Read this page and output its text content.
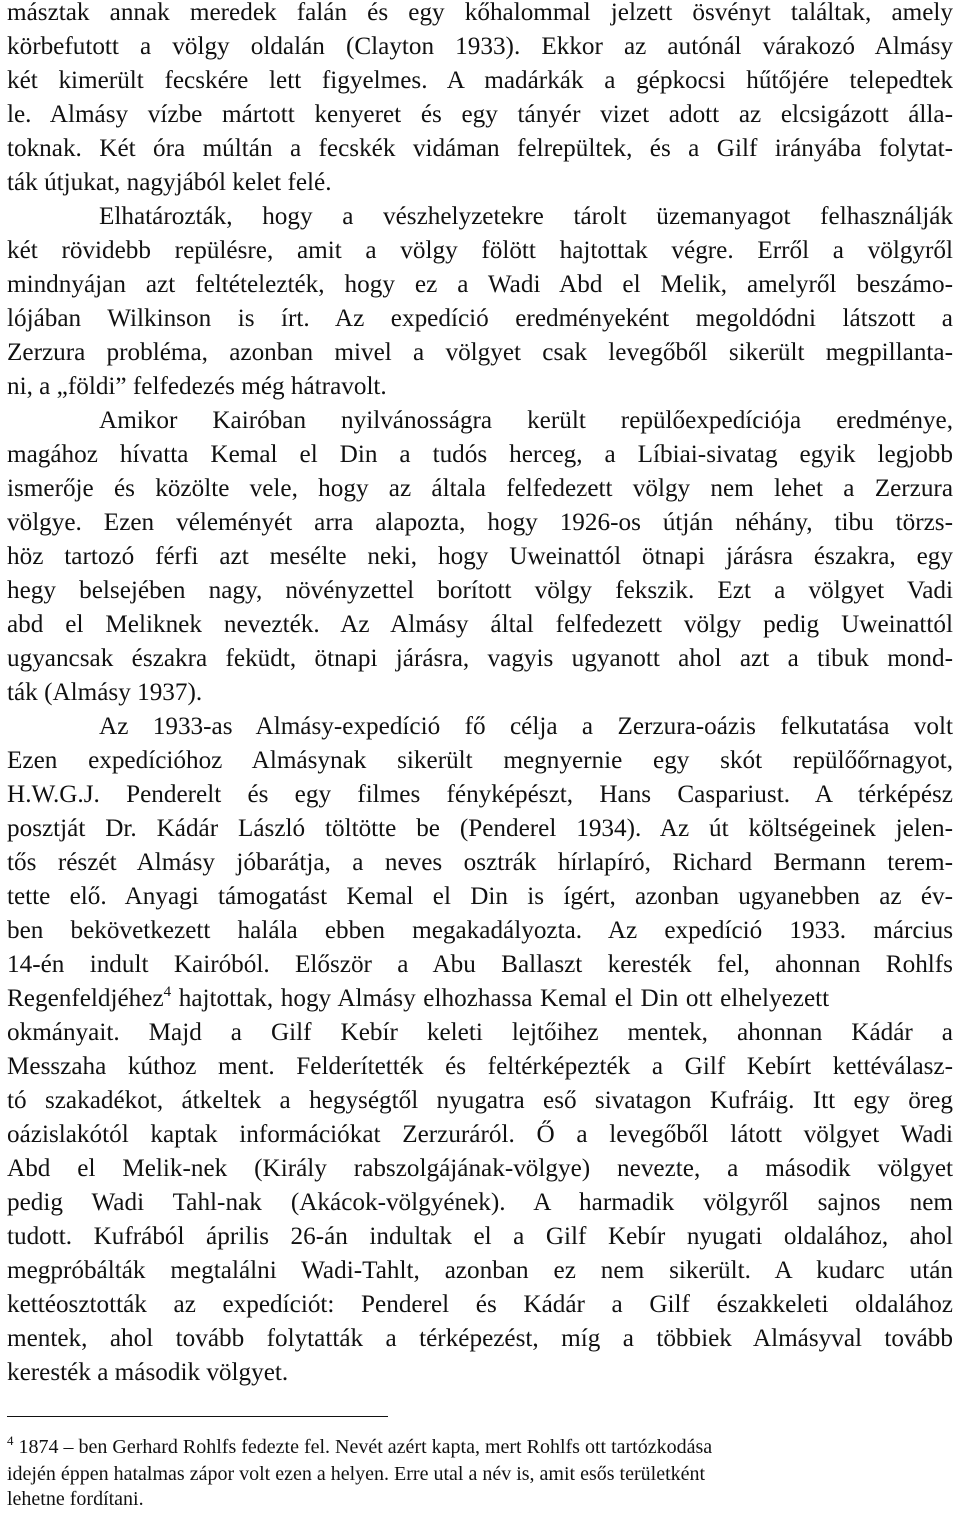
másztak annak meredek falán és egy kőhalommal jelzett ösvényt találtak, amely
körbefutott a völgy oldalán (Clayton 1933). Ekkor az autónál várakozó Almásy
két kimerült fecskére lett figyelmes. A madárkák a gépkocsi hűtőjére telepedtek
le. Almásy vízbe mártott kenyeret és egy tányér vizet adott az elcsigázott álla-
toknak. Két óra múltán a fecskék vidáman felrepültek, és a Gilf irányába folytat-
ták útjukat, nagyjából kelet felé.
Elhatározták, hogy a vészhelyzetekre tárolt üzemanyagot felhasználják
két rövidebb repülésre, amit a völgy fölött hajtottak végre. Erről a völgyről
mindnyájan azt feltételezték, hogy ez a Wadi Abd el Melik, amelyről beszámo-
lójában Wilkinson is írt. Az expedíció eredményeként megoldódni látszott a
Zerzura probléma, azonban mivel a völgyet csak levegőből sikerült megpillanta-
ni, a „földi” felfedezés még hátravolt.
Amikor Kairóban nyilvánosságra került repülőexpedíciója eredménye,
magához hívatta Kemal el Din a tudós herceg, a Líbiai-sivatag egyik legjobb
ismerője és közölte vele, hogy az általa felfedezett völgy nem lehet a Zerzura
völgye. Ezen véleményét arra alapozta, hogy 1926-os útján néhány, tibu törzs-
höz tartozó férfi azt mesélte neki, hogy Uweinattól ötnapi járásra északra, egy
hegy belsejében nagy, növényzettel borított völgy fekszik. Ezt a völgyet Vadi
abd el Meliknek nevezték. Az Almásy által felfedezett völgy pedig Uweinattól
ugyancsak északra feküdt, ötnapi járásra, vagyis ugyanott ahol azt a tibuk mond-
ták (Almásy 1937).
Az 1933-as Almásy-expedíció fő célja a Zerzura-oázis felkutatása volt
Ezen expedícióhoz Almásynak sikerült megnyernie egy skót repülőőrnagyot,
H.W.G.J. Penderelt és egy filmes fényképészt, Hans Caspariust. A térképész
posztját Dr. Kádár László töltötte be (Penderel 1934). Az út költségeinek jelen-
tős részét Almásy jóbarátja, a neves osztrák hírlapíró, Richard Bermann terem-
tette elő. Anyagi támogatást Kemal el Din is ígért, azonban ugyanebben az év-
ben bekövetkezett halála ebben megakadályozta. Az expedíció 1933. március
14-én indult Kairóból. Először a Abu Ballaszt keresték fel, ahonnan Rohlfs
Regenfeldjéhez$^4$ hajtottak, hogy Almásy elhozhassa Kemal el Din ott elhelyezett
okmányait. Majd a Gilf Kebír keleti lejtőihez mentek, ahonnan Kádár a
Messzaha kúthoz ment. Felderítették és feltérképezték a Gilf Kebírt kettéválasz-
tó szakadékot, átkeltek a hegységtől nyugatra eső sivatagon Kufráig. Itt egy öreg
oázislakótól kaptak információkat Zerzuráról. Ő a levegőből látott völgyet Wadi
Abd el Melik-nek (Király rabszolgájának-völgye) nevezte, a második völgyet
pedig Wadi Tahl-nak (Akácok-völgyének). A harmadik völgyről sajnos nem
tudott. Kufrából április 26-án indultak el a Gilf Kebír nyugati oldalához, ahol
megpróbálták megtalálni Wadi-Tahlt, azonban ez nem sikerült. A kudarc után
kettéosztották az expedíciót: Penderel és Kádár a Gilf északkeleti oldalához
mentek, ahol tovább folytatták a térképezést, míg a többiek Almásyval tovább
keresték a második völgyet.
$^4$ 1874 – ben Gerhard Rohlfs fedezte fel. Nevét azért kapta, mert Rohlfs ott tartózkodása
idején éppen hatalmas zápor volt ezen a helyen. Erre utal a név is, amit esős területként
lehetne fordítani.
